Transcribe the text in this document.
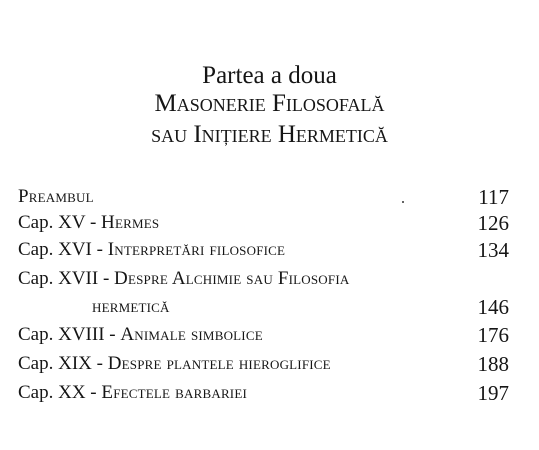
Partea a doua
Masonerie Filosofală
sau Inițiere Hermetică
Preambul	117
Cap. XV - Hermes	126
Cap. XVI - Interpretări filosofice	134
Cap. XVII - Despre Alchimie sau Filosofia
hermetică	146
Cap. XVIII - Animale simbolice	176
Cap. XIX - Despre plantele hieroglifice	188
Cap. XX - Efectele barbariei	197
